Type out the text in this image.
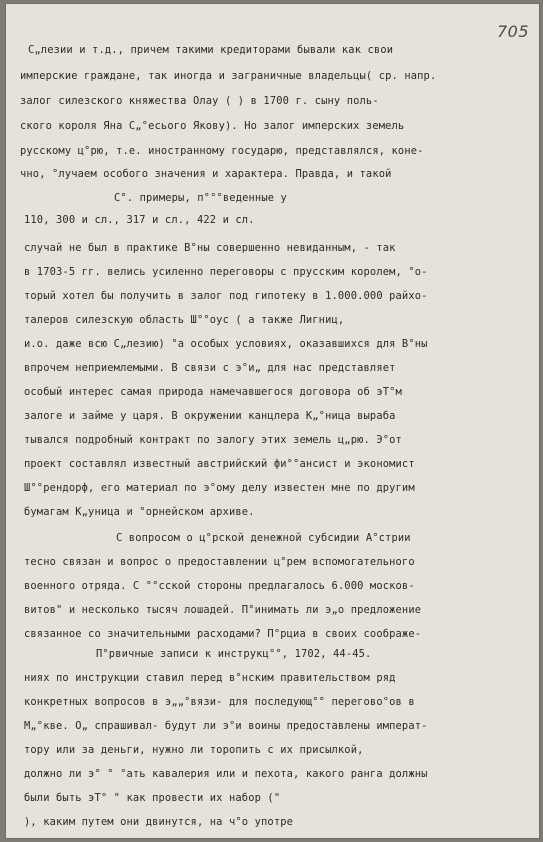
705
С„лезии и т.д., причем такими кредиторами бывали как свои
имперские граждане, так иногда и заграничные владельцы( ср. напр.
залог силезского княжества Олау ( ) в 1700 г. сыну поль-
ского короля Яна С„°есього Якову). Но залог имперских земель
русскому ц°рю, т.е. иностранному государю, представлялся, коне-
чно, °лучаем особого значения и характера. Правда, и такой
С°. примеры, п°°°веденные у
110, 300 и сл., 317 и сл., 422 и сл.
случай не был в практике В°ны совершенно невиданным, - так
в 1703-5 гг. велись усиленно переговоры с прусским королем, °о-
торый хотел бы получить в залог под гипотеку в 1.000.000 райхо-
талеров силезскую область Ш°°оус ( а также Лигниц,
и.о. даже всю С„лезию) °а особых условиях, оказавшихся для В°ны
впрочем неприемлемыми. В связи с э°и„ для нас представляет
особый интерес самая природа намечавшегося договора об эТ°м
залоге и займе у царя. В окружении канцлера К„°ница выраба
тывался подробный контракт по залогу этих земель ц„рю. Э°от
проект составлял известный австрийский фи°°ансист и экономист
Ш°°рендорф, его материал по э°ому делу известен мне по другим
бумагам К„уница и °орнейском архиве.
С вопросом о ц°рской денежной субсидии А°стрии
тесно связан и вопрос о предоставлении ц°рем вспомогательного
военного отряда. С °°сской стороны предлагалось 6.000 москов-
витов" и несколько тысяч лошадей. П°инимать ли э„о предложение
связанное со значительными расходами? П°рциа в своих соображе-
П°рвичные записи к инструкц°°, 1702, 44-45.
ниях по инструкции ставил перед в°нским правительством ряд
конкретных вопросов в э„„°вязи- для последующ°° перегово°ов в
М„°кве. О„ спрашивал- будут ли э°и воины предоставлены императ-
тору или за деньги, нужно ли торопить с их присылкой,
должно ли э° ° °ать кавалерия или и пехота, какого ранга должны
были быть эТ° " как провести их набор ("
), каким путем они двинутся, на ч°о употре
